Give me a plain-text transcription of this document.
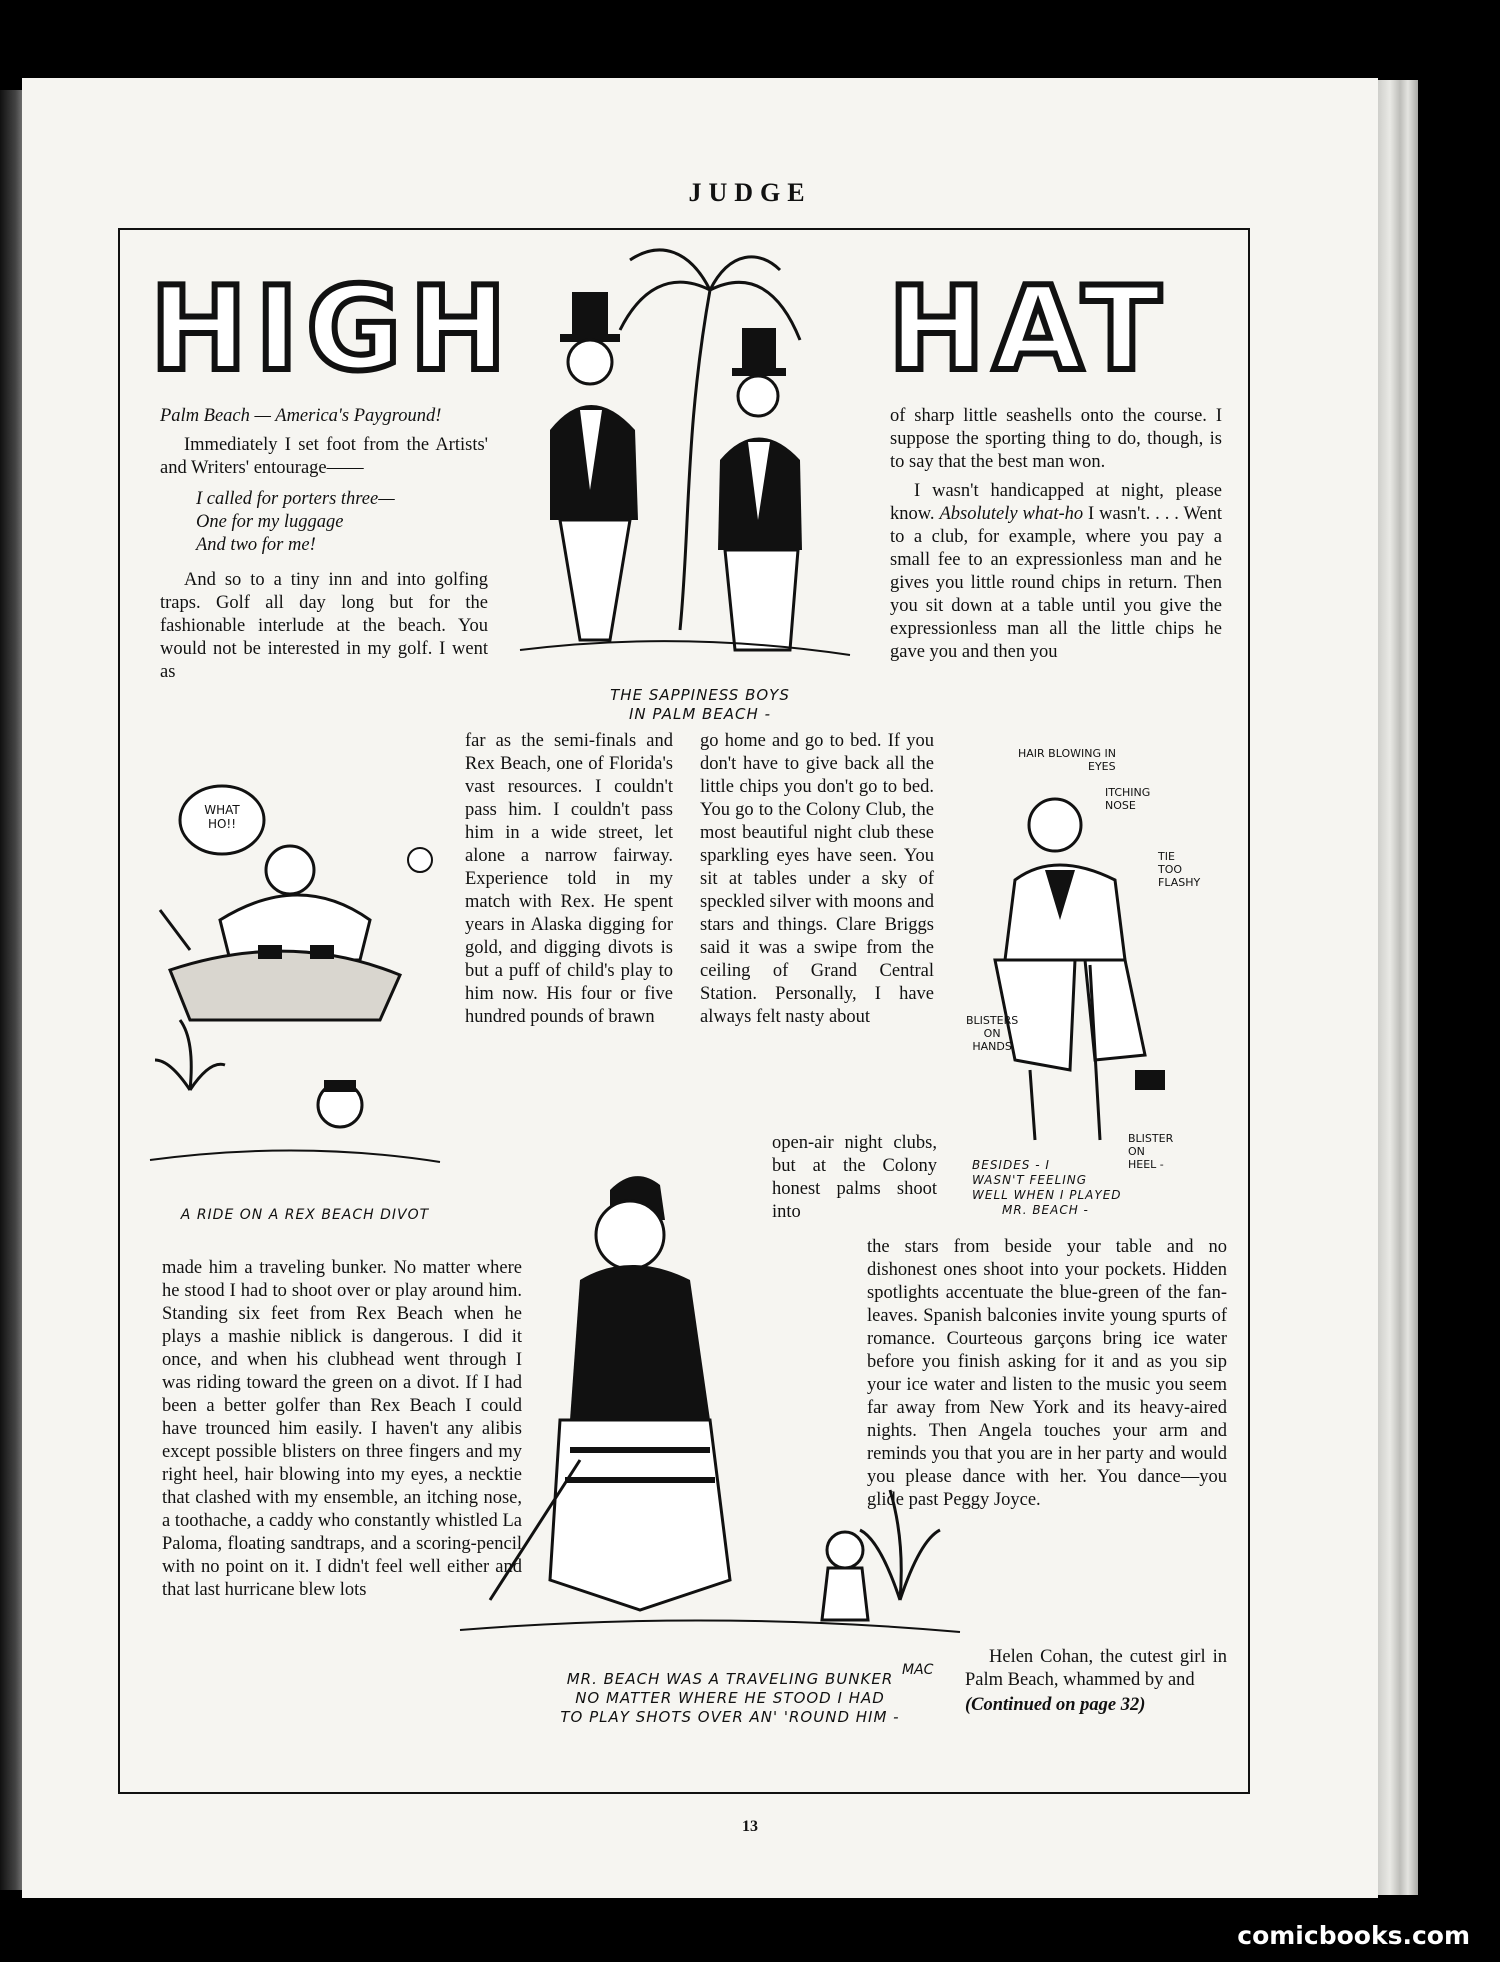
JUDGE
HIGH	HAT

Palm Beach — America's Payground!

Immediately I set foot from the Artists' and Writers' entourage——

I called for porters three—
One for my luggage
And two for me!

And so to a tiny inn and into golfing traps. Golf all day long but for the fashionable interlude at the beach. You would not be interested in my golf. I went as

THE SAPPINESS BOYS
IN PALM BEACH -

of sharp little seashells onto the course. I suppose the sporting thing to do, though, is to say that the best man won.

I wasn't handicapped at night, please know. Absolutely what-ho I wasn't. . . . Went to a club, for example, where you pay a small fee to an expressionless man and he gives you little round chips in return. Then you sit down at a table until you give the expressionless man all the little chips he gave you and then you

far as the semi-finals and Rex Beach, one of Florida's vast resources. I couldn't pass him. I couldn't pass him in a wide street, let alone a narrow fairway. Experience told in my match with Rex. He spent years in Alaska digging for gold, and digging divots is but a puff of child's play to him now. His four or five hundred pounds of brawn

go home and go to bed. If you don't have to give back all the little chips you don't go to bed. You go to the Colony Club, the most beautiful night club these sparkling eyes have seen. You sit at tables under a sky of speckled silver with moons and stars and things. Clare Briggs said it was a swipe from the ceiling of Grand Central Station. Personally, I have always felt nasty about

open-air night clubs, but at the Colony honest palms shoot into

WHAT
HO!!
A RIDE ON A REX BEACH DIVOT
HAIR BLOWING IN
EYES
ITCHING
NOSE
TIE
TOO
FLASHY
BLISTERS
ON
HANDS
BLISTER
ON
HEEL -
BESIDES - I
WASN'T FEELING
WELL WHEN I PLAYED
MR. BEACH -

made him a traveling bunker. No matter where he stood I had to shoot over or play around him. Standing six feet from Rex Beach when he plays a mashie niblick is dangerous. I did it once, and when his clubhead went through I was riding toward the green on a divot. If I had been a better golfer than Rex Beach I could have trounced him easily. I haven't any alibis except possible blisters on three fingers and my right heel, hair blowing into my eyes, a necktie that clashed with my ensemble, an itching nose, a toothache, a caddy who constantly whistled La Paloma, floating sandtraps, and a scoring-pencil with no point on it. I didn't feel well either and that last hurricane blew lots

MAC
MR. BEACH WAS A TRAVELING BUNKER
NO MATTER WHERE HE STOOD I HAD
TO PLAY SHOTS OVER AN' 'ROUND HIM -

the stars from beside your table and no dishonest ones shoot into your pockets. Hidden spotlights accentuate the blue-green of the fan-leaves. Spanish balconies invite young spurts of romance. Courteous garçons bring ice water before you finish asking for it and as you sip your ice water and listen to the music you seem far away from New York and its heavy-aired nights. Then Angela touches your arm and reminds you that you are in her party and would you please dance with her. You dance—you glide past Peggy Joyce.

Helen Cohan, the cutest girl in Palm Beach, whammed by and

(Continued on page 32)

13
comicbooks.com
